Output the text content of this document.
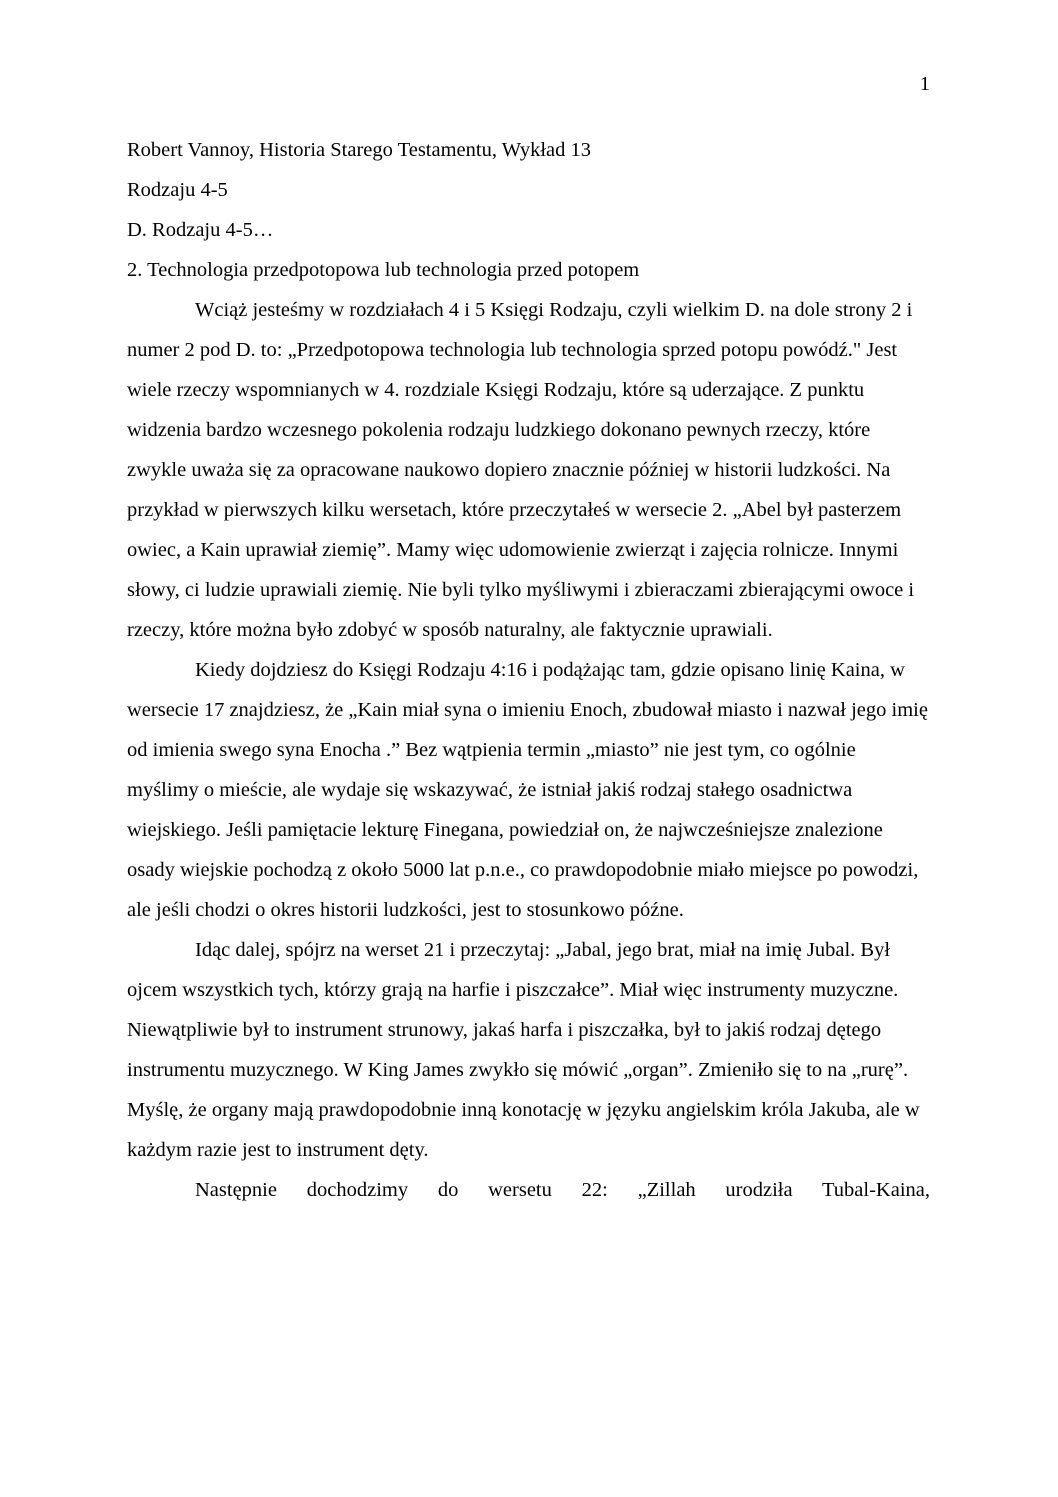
1
Robert Vannoy, Historia Starego Testamentu, Wykład 13
Rodzaju 4-5

D. Rodzaju 4-5…

2. Technologia przedpotopowa lub technologia przed potopem

Wciąż jesteśmy w rozdziałach 4 i 5 Księgi Rodzaju, czyli wielkim D. na dole strony 2 i numer 2 pod D. to: „Przedpotopowa technologia lub technologia sprzed potopu powódź." Jest wiele rzeczy wspomnianych w 4. rozdziale Księgi Rodzaju, które są uderzające. Z punktu widzenia bardzo wczesnego pokolenia rodzaju ludzkiego dokonano pewnych rzeczy, które zwykle uważa się za opracowane naukowo dopiero znacznie później w historii ludzkości. Na przykład w pierwszych kilku wersetach, które przeczytałeś w wersecie 2. „Abel był pasterzem owiec, a Kain uprawiał ziemię”. Mamy więc udomowienie zwierząt i zajęcia rolnicze. Innymi słowy, ci ludzie uprawiali ziemię. Nie byli tylko myśliwymi i zbieraczami zbierającymi owoce i rzeczy, które można było zdobyć w sposób naturalny, ale faktycznie uprawiali.

Kiedy dojdziesz do Księgi Rodzaju 4:16 i podążając tam, gdzie opisano linię Kaina, w wersecie 17 znajdziesz, że „Kain miał syna o imieniu Enoch, zbudował miasto i nazwał jego imię od imienia swego syna Enocha .” Bez wątpienia termin „miasto” nie jest tym, co ogólnie myślimy o mieście, ale wydaje się wskazywać, że istniał jakiś rodzaj stałego osadnictwa wiejskiego. Jeśli pamiętacie lekturę Finegana, powiedział on, że najwcześniejsze znalezione osady wiejskie pochodzą z około 5000 lat p.n.e., co prawdopodobnie miało miejsce po powodzi, ale jeśli chodzi o okres historii ludzkości, jest to stosunkowo późne.

Idąc dalej, spójrz na werset 21 i przeczytaj: „Jabal, jego brat, miał na imię Jubal. Był ojcem wszystkich tych, którzy grają na harfie i piszczałce”. Miał więc instrumenty muzyczne. Niewątpliwie był to instrument strunowy, jakaś harfa i piszczałka, był to jakiś rodzaj dętego instrumentu muzycznego. W King James zwykło się mówić „organ”. Zmieniło się to na „rurę”. Myślę, że organy mają prawdopodobnie inną konotację w języku angielskim króla Jakuba, ale w każdym razie jest to instrument dęty.

Następnie dochodzimy do wersetu 22: „Zillah urodziła Tubal-Kaina,
